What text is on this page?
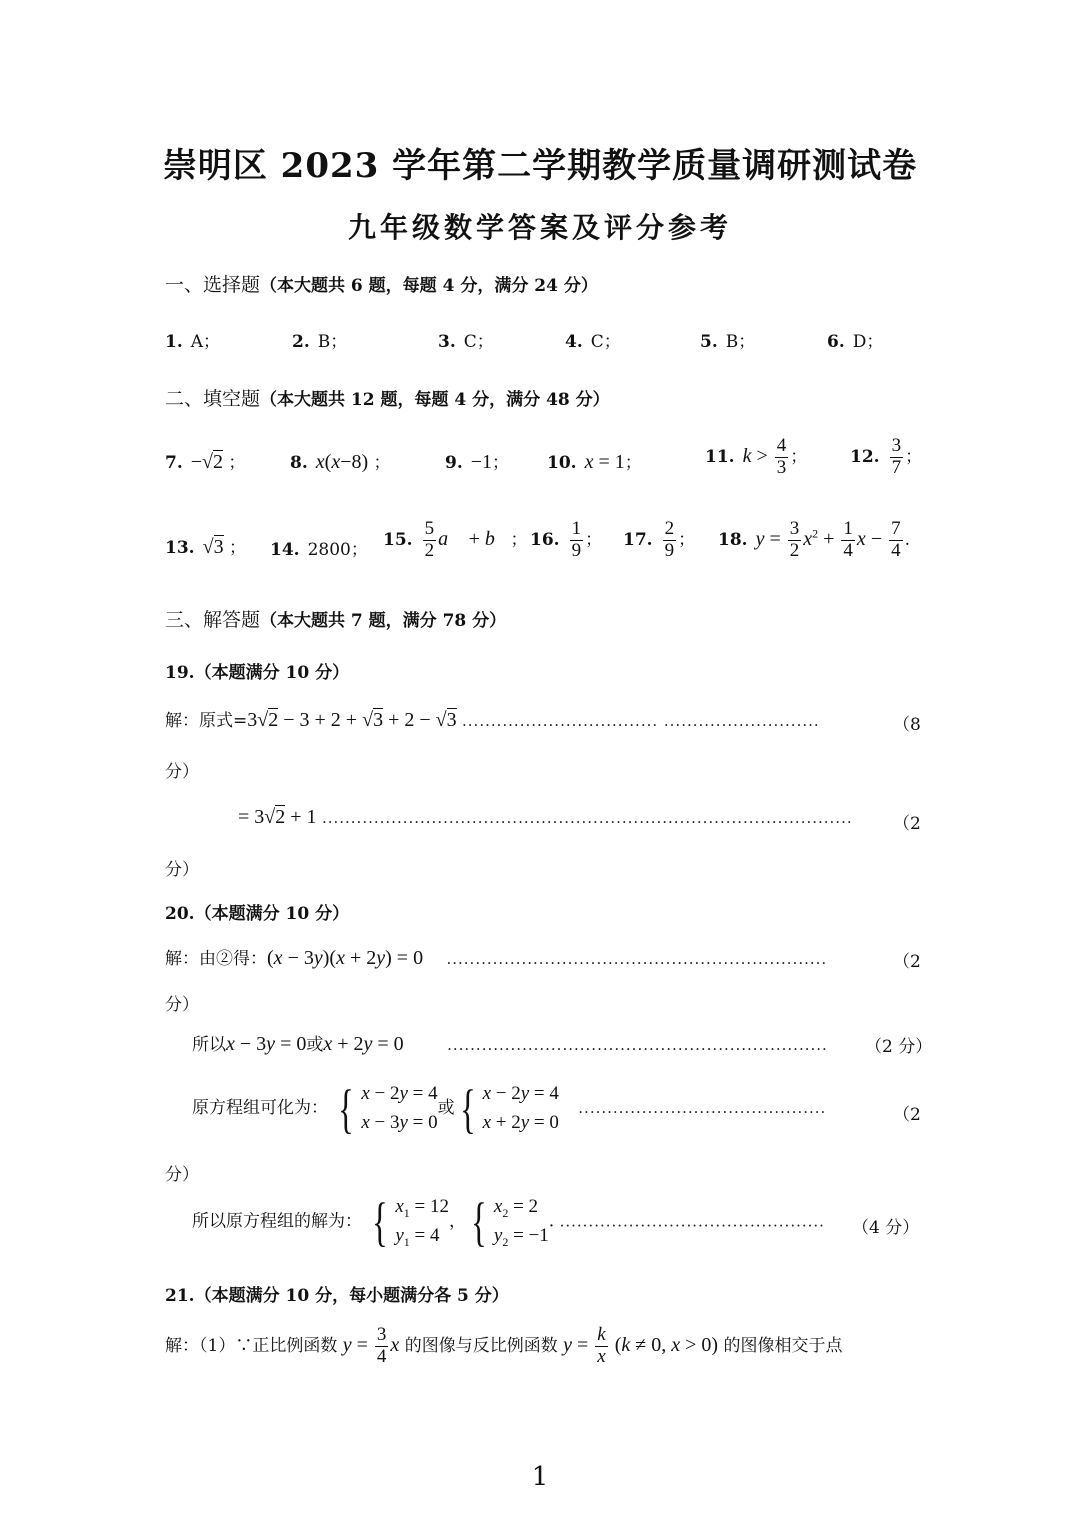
崇明区 2023 学年第二学期教学质量调研测试卷
九年级数学答案及评分参考
一、选择题（本大题共 6 题，每题 4 分，满分 24 分）
1. A；	2. B；	3. C；	4. C；	5. B；	6. D；
二、填空题（本大题共 12 题，每题 4 分，满分 48 分）
7. −√2 ；	8. x(x−8) ；	9. −1； 10. x = 1；	11. $k > \frac{4}{3}$ ；	12. $\frac{3}{7}$ ；
13. √3 ； 14. 2800；
15. $\frac{5}{2}$ a⃗ + b⃗； 16. $\frac{1}{9}$ ； 17. $\frac{2}{9}$ ； 18. $y = \frac{3}{2} x^2 + \frac{1}{4}$ $x - \frac{7}{4}$ .
三、解答题（本大题共 7 题，满分 78 分）
19.（本题满分 10 分）
解：原式=3√2 − 3 + 2 + √3 + 2 − √3 .................................. ...........................	（8
分）
= 3√2 + 1 ............................................................................................ （2
分）
20.（本题满分 10 分）
解：由②得：(x − 3y)(x + 2y) = 0 ..................................................................	（2
分）
所以x − 3y = 0或x + 2y = 0	.................................................................. （2 分）
原方程组可化为： { x − 2y = 4
x − 3y = 0
或 { x − 2y = 4
x + 2y = 0
...........................................	（2
分）
所以原方程组的解为： { $x_1 = 12$
$y_1 = 4$
， { $x_2 = 2$
$y_2 = -1$
. .............................................. （4 分）
21.（本题满分 10 分，每小题满分各 5 分）
解：（1）∵正比例函数 $y = \frac{3}{4}$ x 的图像与反比例函数 $y = \frac{k}{x} (k \ne 0$, x > 0) 的图像相交于点
1
